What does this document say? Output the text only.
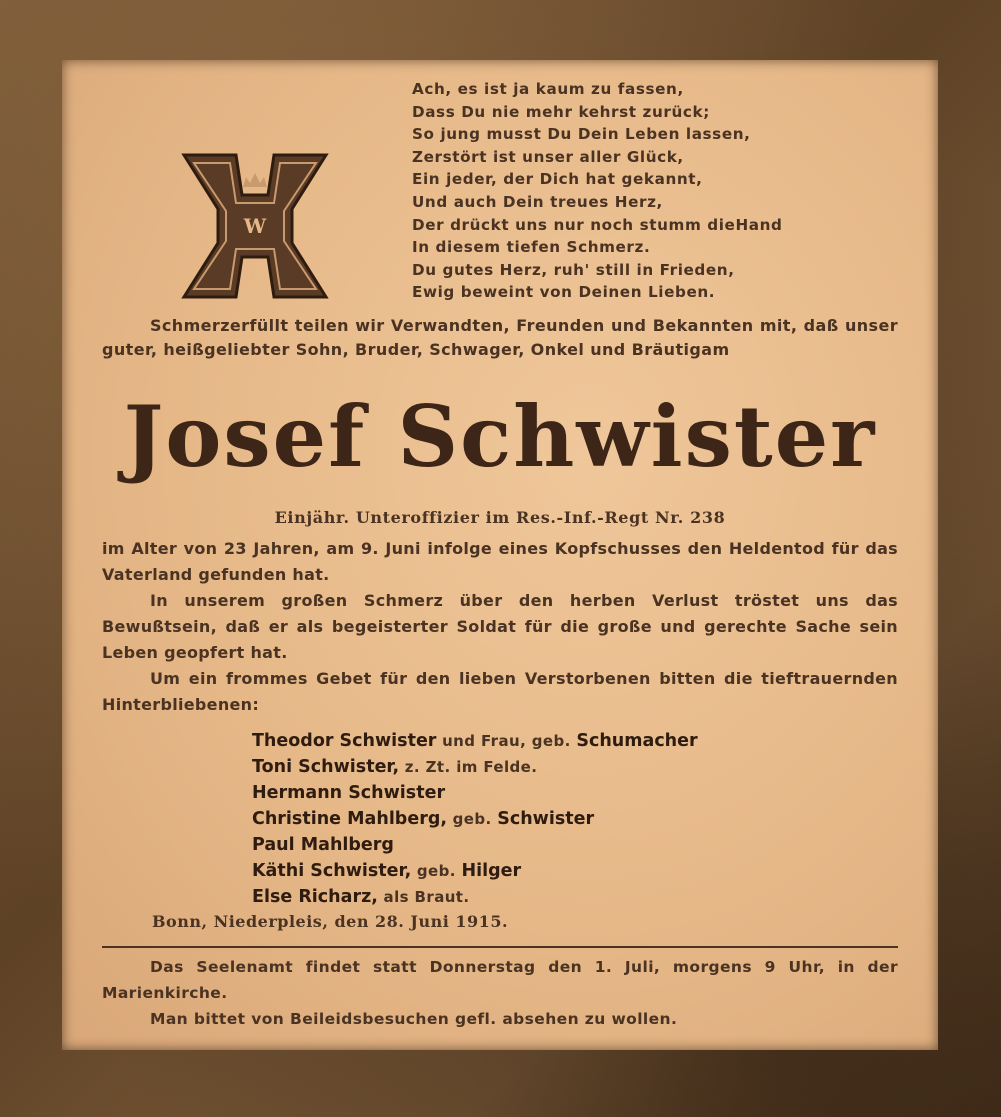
W
1914
Ach, es ist ja kaum zu fassen,
Dass Du nie mehr kehrst zurück;
So jung musst Du Dein Leben lassen,
Zerstört ist unser aller Glück,
Ein jeder, der Dich hat gekannt,
Und auch Dein treues Herz,
Der drückt uns nur noch stumm dieHand
In diesem tiefen Schmerz.
Du gutes Herz, ruh' still in Frieden,
Ewig beweint von Deinen Lieben.
Schmerzerfüllt teilen wir Verwandten, Freunden und Bekannten mit, daß unser guter, heißgeliebter Sohn, Bruder, Schwager, Onkel und Bräutigam
Josef Schwister
Einjähr. Unteroffizier im Res.-Inf.-Regt Nr. 238

im Alter von 23 Jahren, am 9. Juni infolge eines Kopfschusses den Heldentod für das Vaterland gefunden hat.

In unserem großen Schmerz über den herben Verlust tröstet uns das Bewußtsein, daß er als begeisterter Soldat für die große und gerechte Sache sein Leben geopfert hat.

Um ein frommes Gebet für den lieben Verstorbenen bitten die tieftrauernden Hinterbliebenen:

Theodor Schwister und Frau, geb. Schumacher
Toni Schwister, z. Zt. im Felde.
Hermann Schwister
Christine Mahlberg, geb. Schwister
Paul Mahlberg
Käthi Schwister, geb. Hilger
Else Richarz, als Braut.
Bonn, Niederpleis, den 28. Juni 1915.

Das Seelenamt findet statt Donnerstag den 1. Juli, morgens 9 Uhr, in der Marienkirche.

Man bittet von Beileidsbesuchen gefl. absehen zu wollen.
